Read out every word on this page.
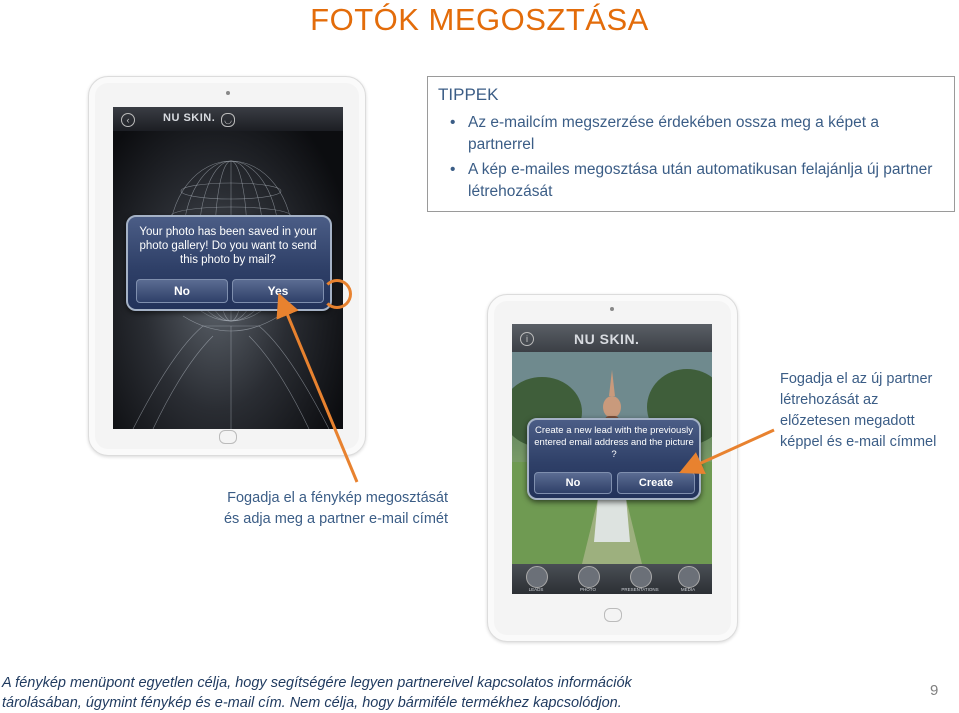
FOTÓK MEGOSZTÁSA
TIPPEK
• Az e-mailcím megszerzése érdekében ossza meg a képet a partnerrel
• A kép e-mailes megosztása után automatikusan felajánlja új partner létrehozását
‹	NU SKIN. ◡
Your photo has been saved in your photo gallery! Do you want to send this photo by mail?
No	Yes
i	NU SKIN.
LEADS	PHOTO	PRESENTATIONS	MEDIA
Create a new lead with the previously entered email address and the picture ?
No	Create
Fogadja el az új partner létrehozását az előzetesen megadott képpel és e-mail címmel
Fogadja el a fénykép megosztását és adja meg a partner e-mail címét
A fénykép menüpont egyetlen célja, hogy segítségére legyen partnereivel kapcsolatos információk tárolásában, úgymint fénykép és e-mail cím. Nem célja, hogy bármiféle termékhez kapcsolódjon.
9
